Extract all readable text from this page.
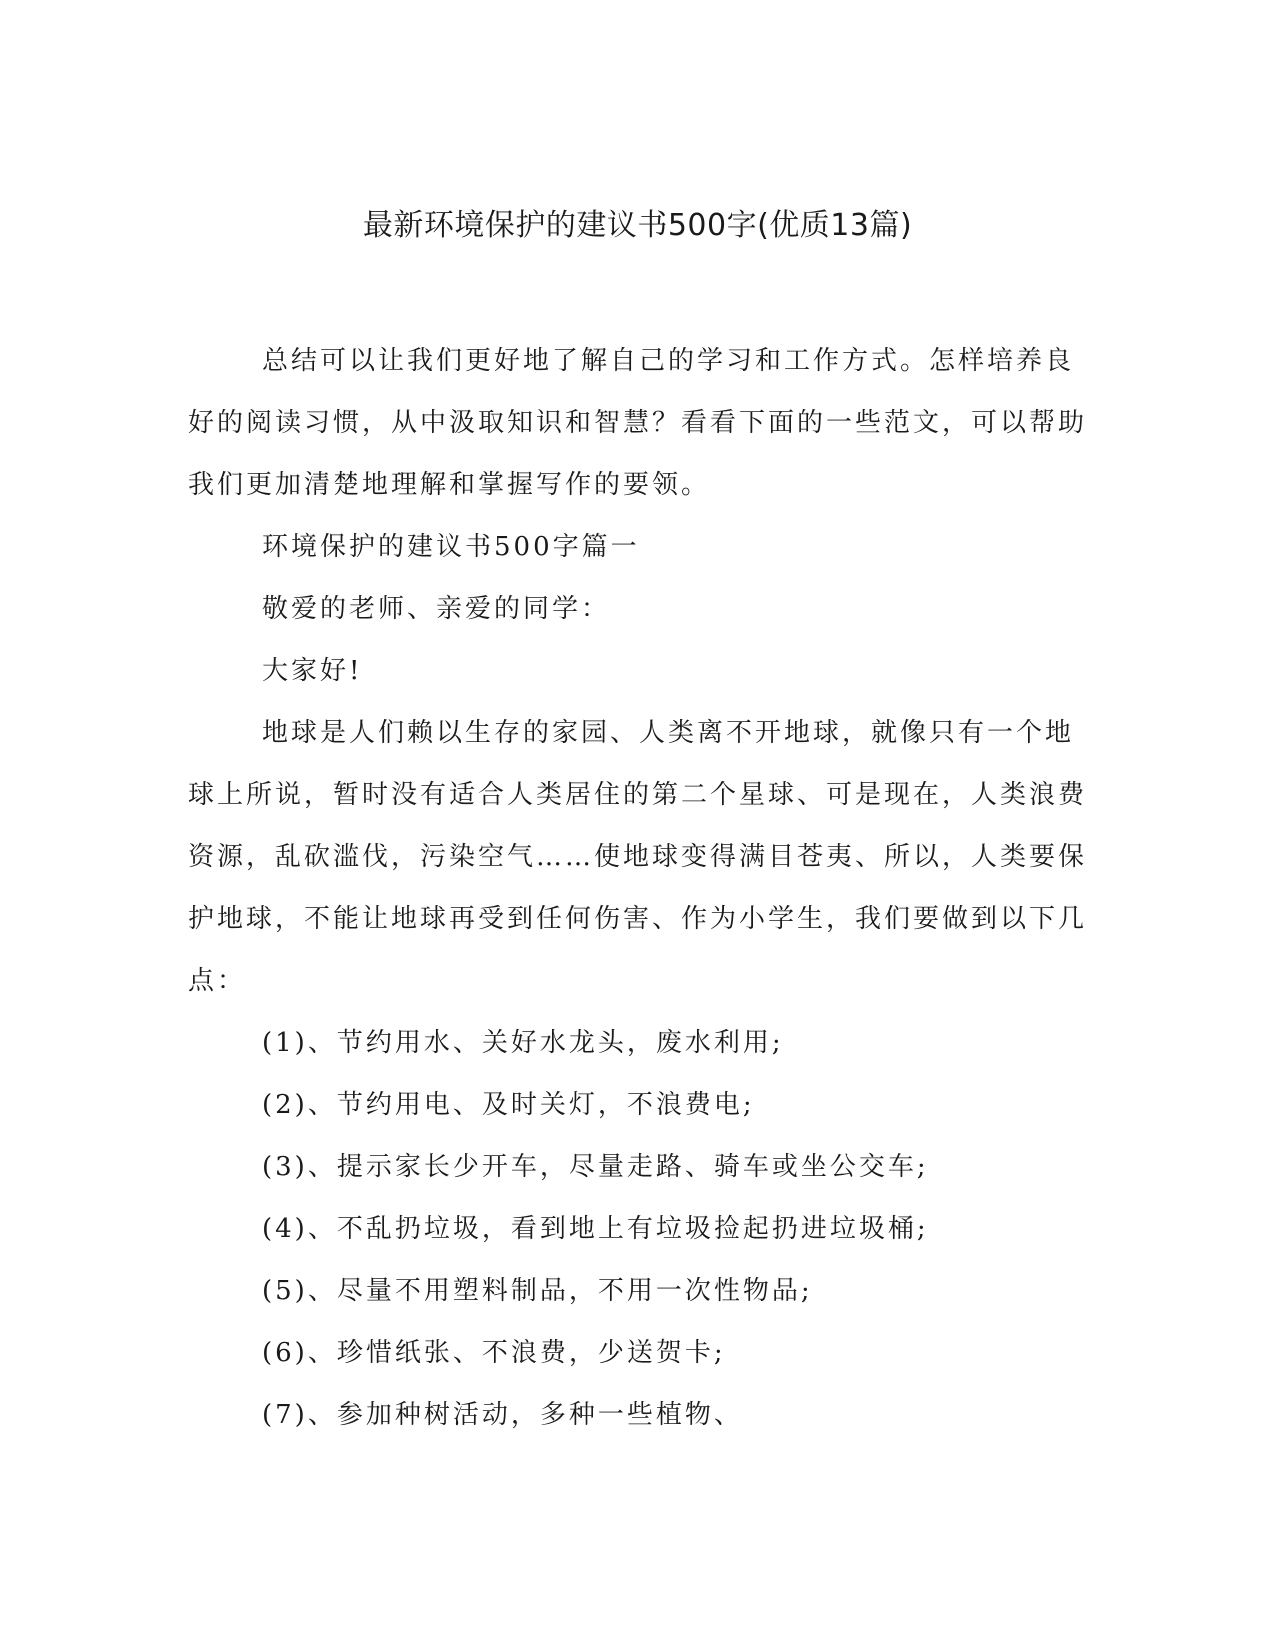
最新环境保护的建议书500字(优质13篇)

总结可以让我们更好地了解自己的学习和工作方式。怎样培养良好的阅读习惯，从中汲取知识和智慧？看看下面的一些范文，可以帮助我们更加清楚地理解和掌握写作的要领。

环境保护的建议书500字篇一

敬爱的老师、亲爱的同学：

大家好!

地球是人们赖以生存的家园、人类离不开地球，就像只有一个地球上所说，暂时没有适合人类居住的第二个星球、可是现在，人类浪费资源，乱砍滥伐，污染空气……使地球变得满目苍夷、所以，人类要保护地球，不能让地球再受到任何伤害、作为小学生，我们要做到以下几点：

(1)、节约用水、关好水龙头，废水利用;

(2)、节约用电、及时关灯，不浪费电;

(3)、提示家长少开车，尽量走路、骑车或坐公交车;

(4)、不乱扔垃圾，看到地上有垃圾捡起扔进垃圾桶;

(5)、尽量不用塑料制品，不用一次性物品;

(6)、珍惜纸张、不浪费，少送贺卡;

(7)、参加种树活动，多种一些植物、
